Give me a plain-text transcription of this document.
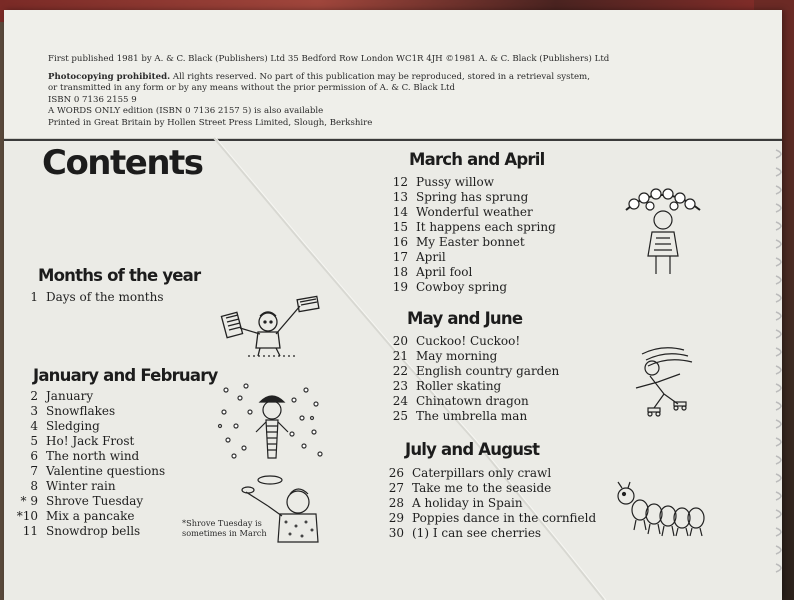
First published 1981 by A. & C. Black (Publishers) Ltd 35 Bedford Row London WC1R 4JH ©1981 A. & C. Black (Publishers) Ltd
Photocopying prohibited. All rights reserved. No part of this publication may be reproduced, stored in a retrieval system,
or transmitted in any form or by any means without the prior permission of A. & C. Black Ltd
ISBN 0 7136 2155 9
A WORDS ONLY edition (ISBN 0 7136 2157 5) is also available
Printed in Great Britain by Hollen Street Press Limited, Slough, Berkshire
Contents
Months of the year
1 Days of the months
January and February
2 January
3 Snowflakes
4 Sledging
5 Ho! Jack Frost
6 The north wind
7 Valentine questions
8 Winter rain
* 9 Shrove Tuesday
*10 Mix a pancake
11 Snowdrop bells
*Shrove Tuesday is
sometimes in March
March and April
12 Pussy willow
13 Spring has sprung
14 Wonderful weather
15 It happens each spring
16 My Easter bonnet
17 April
18 April fool
19 Cowboy spring
May and June
20 Cuckoo! Cuckoo!
21 May morning
22 English country garden
23 Roller skating
24 Chinatown dragon
25 The umbrella man
July and August
26 Caterpillars only crawl
27 Take me to the seaside
28 A holiday in Spain
29 Poppies dance in the cornfield
30 (1) I can see cherries
